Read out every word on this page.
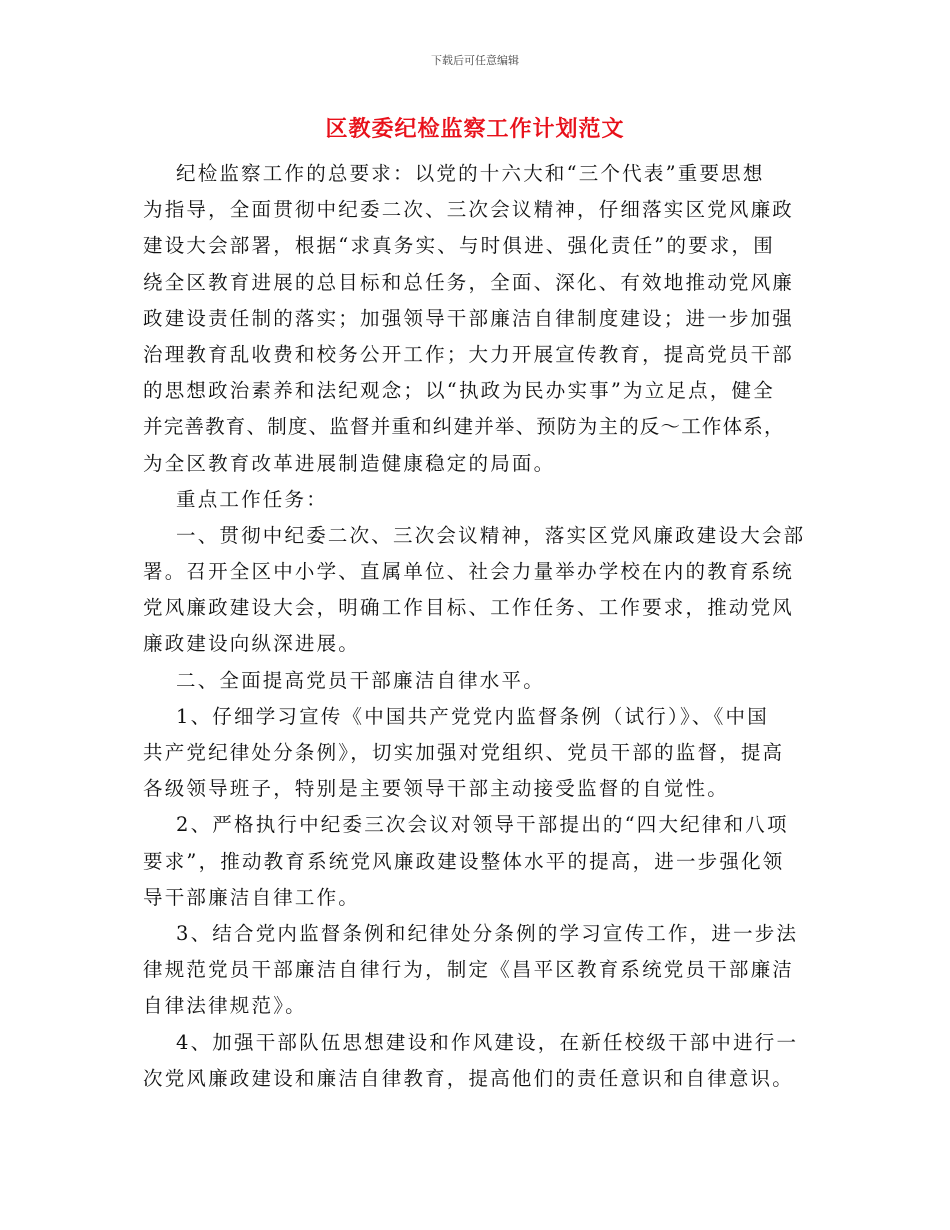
下载后可任意编辑
区教委纪检监察工作计划范文
纪检监察工作的总要求：以党的十六大和“三个代表”重要思想
为指导，全面贯彻中纪委二次、三次会议精神，仔细落实区党风廉政
建设大会部署，根据“求真务实、与时俱进、强化责任”的要求，围
绕全区教育进展的总目标和总任务，全面、深化、有效地推动党风廉
政建设责任制的落实；加强领导干部廉洁自律制度建设；进一步加强
治理教育乱收费和校务公开工作；大力开展宣传教育，提高党员干部
的思想政治素养和法纪观念；以“执政为民办实事”为立足点，健全
并完善教育、制度、监督并重和纠建并举、预防为主的反～工作体系，
为全区教育改革进展制造健康稳定的局面。
重点工作任务：
一、贯彻中纪委二次、三次会议精神，落实区党风廉政建设大会部
署。召开全区中小学、直属单位、社会力量举办学校在内的教育系统
党风廉政建设大会，明确工作目标、工作任务、工作要求，推动党风
廉政建设向纵深进展。
二、全面提高党员干部廉洁自律水平。
1、仔细学习宣传《中国共产党党内监督条例（试行）》、《中国
共产党纪律处分条例》，切实加强对党组织、党员干部的监督，提高
各级领导班子，特别是主要领导干部主动接受监督的自觉性。
2、严格执行中纪委三次会议对领导干部提出的“四大纪律和八项
要求”，推动教育系统党风廉政建设整体水平的提高，进一步强化领
导干部廉洁自律工作。
3、结合党内监督条例和纪律处分条例的学习宣传工作，进一步法
律规范党员干部廉洁自律行为，制定《昌平区教育系统党员干部廉洁
自律法律规范》。
4、加强干部队伍思想建设和作风建设，在新任校级干部中进行一
次党风廉政建设和廉洁自律教育，提高他们的责任意识和自律意识。
